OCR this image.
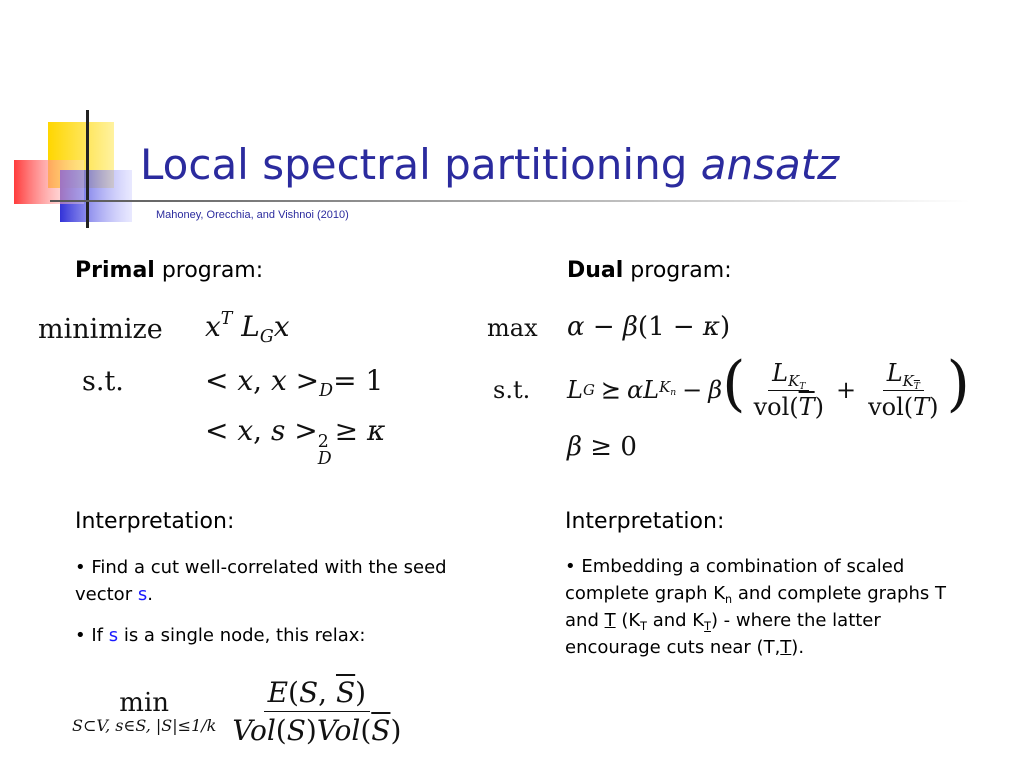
Local spectral partitioning ansatz
Mahoney, Orecchia, and Vishnoi (2010)
Primal program:	Dual program:
minimize $x^T$ $L_Gx$
s.t.	< x, $x >_D= 1$
< x, s > 2
D
≥ κ
max α − β(1 − κ)
s.t. L G ⪰ αL $K_n - \beta$ ( $\frac{L_{K_T}}{vol(\overline{T})} + \frac{L_{K_{\overline{T}}}}{\text{vol(T)}}$ )
β ≥ 0
Interpretation:
• Find a cut well-correlated with the seed vector s.
• If s is a single node, this relax:
min
S⊂V, s∈S, $|S|\le 1/k \frac{E(S, \overline{S})}{Vol(S)Vol(\overline{S})}$
Interpretation:
• Embedding a combination of scaled complete graph $K_n$ and complete graphs T and T ($K_T$ and $K_T$) - where the latter encourage cuts near (T,T).
